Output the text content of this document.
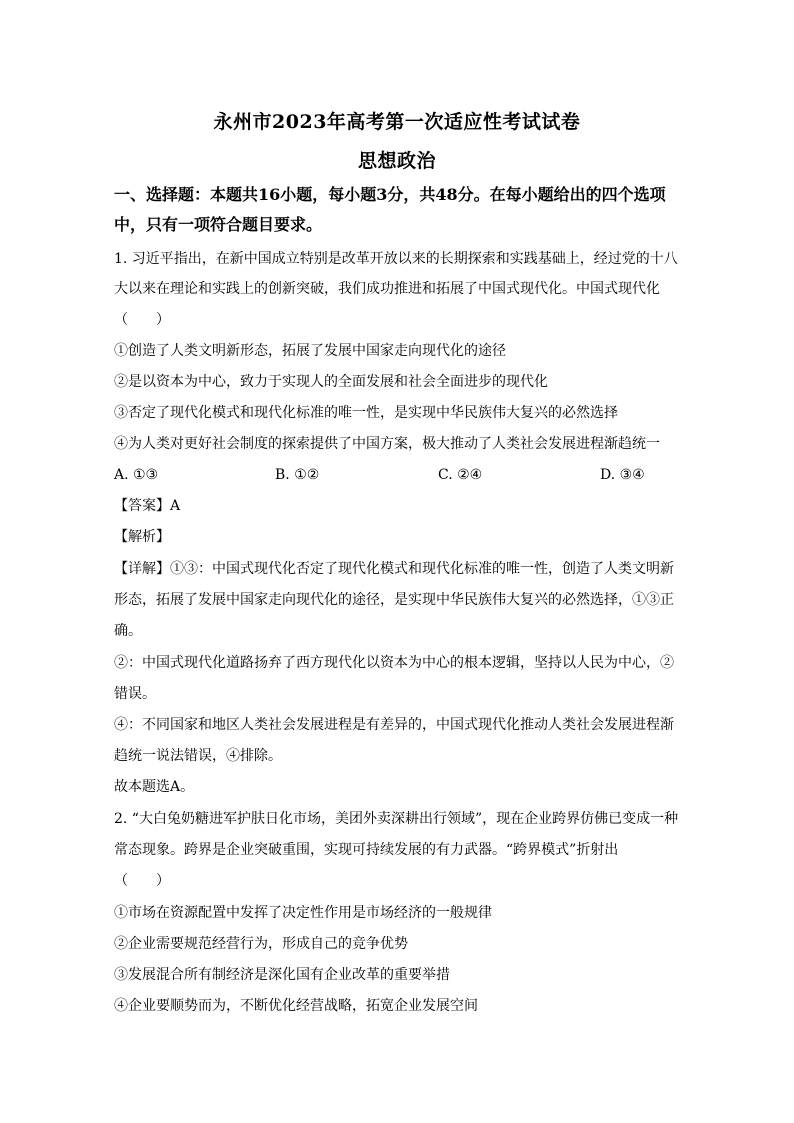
永州市2023年高考第一次适应性考试试卷
思想政治
一、选择题：本题共16小题，每小题3分，共48分。在每小题给出的四个选项
中，只有一项符合题目要求。
1. 习近平指出，在新中国成立特别是改革开放以来的长期探索和实践基础上，经过党的十八
大以来在理论和实践上的创新突破，我们成功推进和拓展了中国式现代化。中国式现代化
（　　）
①创造了人类文明新形态，拓展了发展中国家走向现代化的途径
②是以资本为中心，致力于实现人的全面发展和社会全面进步的现代化
③否定了现代化模式和现代化标准的唯一性，是实现中华民族伟大复兴的必然选择
④为人类对更好社会制度的探索提供了中国方案，极大推动了人类社会发展进程渐趋统一
A. ①③	B. ①②	C. ②④	D. ③④
【答案】A
【解析】
【详解】①③：中国式现代化否定了现代化模式和现代化标准的唯一性，创造了人类文明新
形态，拓展了发展中国家走向现代化的途径，是实现中华民族伟大复兴的必然选择，①③正
确。
②：中国式现代化道路扬弃了西方现代化以资本为中心的根本逻辑，坚持以人民为中心，②
错误。
④：不同国家和地区人类社会发展进程是有差异的，中国式现代化推动人类社会发展进程渐
趋统一说法错误，④排除。
故本题选A。
2. “大白兔奶糖进军护肤日化市场，美团外卖深耕出行领域”，现在企业跨界仿佛已变成一种
常态现象。跨界是企业突破重围，实现可持续发展的有力武器。“跨界模式”折射出
（　　）
①市场在资源配置中发挥了决定性作用是市场经济的一般规律
②企业需要规范经营行为，形成自己的竞争优势
③发展混合所有制经济是深化国有企业改革的重要举措
④企业要顺势而为，不断优化经营战略，拓宽企业发展空间
